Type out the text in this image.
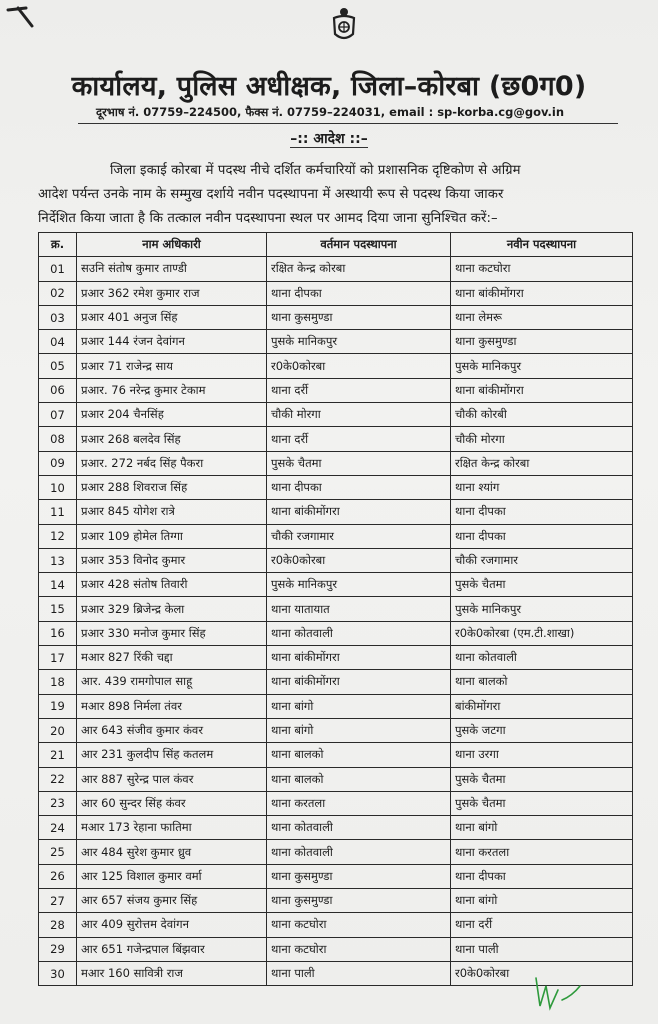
कार्यालय, पुलिस अधीक्षक, जिला–कोरबा (छ0ग0)
दूरभाष नं. 07759–224500, फैक्स नं. 07759–224031, email : sp-korba.cg@gov.in
–:: आदेश ::–
जिला इकाई कोरबा में पदस्थ नीचे दर्शित कर्मचारियों को प्रशासनिक दृष्टिकोण से अग्रिम
आदेश पर्यन्त उनके नाम के सम्मुख दर्शाये नवीन पदस्थापना में अस्थायी रूप से पदस्थ किया जाकर
निर्देशित किया जाता है कि तत्काल नवीन पदस्थापना स्थल पर आमद दिया जाना सुनिश्चित करें:–
क्र.	नाम अधिकारी	वर्तमान पदस्थापना	नवीन पदस्थापना
01	सउनि संतोष कुमार ताण्डी	रक्षित केन्द्र कोरबा	थाना कटघोरा
02	प्रआर 362 रमेश कुमार राज	थाना दीपका	थाना बांकीमोंगरा
03	प्रआर 401 अनुज सिंह	थाना कुसमुण्डा	थाना लेमरू
04	प्रआर 144 रंजन देवांगन	पुसके मानिकपुर	थाना कुसमुण्डा
05	प्रआर 71 राजेन्द्र साय	र0के0कोरबा	पुसके मानिकपुर
06	प्रआर. 76 नरेन्द्र कुमार टेकाम	थाना दर्री	थाना बांकीमोंगरा
07	प्रआर 204 चैनसिंह	चौकी मोरगा	चौकी कोरबी
08	प्रआर 268 बलदेव सिंह	थाना दर्री	चौकी मोरगा
09	प्रआर. 272 नर्बद सिंह पैकरा	पुसके चैतमा	रक्षित केन्द्र कोरबा
10	प्रआर 288 शिवराज सिंह	थाना दीपका	थाना श्यांग
11	प्रआर 845 योगेश रात्रे	थाना बांकीमोंगरा	थाना दीपका
12	प्रआर 109 होमेल तिग्गा	चौकी रजगामार	थाना दीपका
13	प्रआर 353 विनोद कुमार	र0के0कोरबा	चौकी रजगामार
14	प्रआर 428 संतोष तिवारी	पुसके मानिकपुर	पुसके चैतमा
15	प्रआर 329 ब्रिजेन्द्र केला	थाना यातायात	पुसके मानिकपुर
16	प्रआर 330 मनोज कुमार सिंह	थाना कोतवाली	र0के0कोरबा (एम.टी.शाखा)
17	मआर 827 रिंकी चद्दा	थाना बांकीमोंगरा	थाना कोतवाली
18	आर. 439 रामगोपाल साहू	थाना बांकीमोंगरा	थाना बालको
19	मआर 898 निर्मला तंवर	थाना बांगो	बांकीमोंगरा
20	आर 643 संजीव कुमार कंवर	थाना बांगो	पुसके जटगा
21	आर 231 कुलदीप सिंह कतलम	थाना बालको	थाना उरगा
22	आर 887 सुरेन्द्र पाल कंवर	थाना बालको	पुसके चैतमा
23	आर 60 सुन्दर सिंह कंवर	थाना करतला	पुसके चैतमा
24	मआर 173 रेहाना फातिमा	थाना कोतवाली	थाना बांगो
25	आर 484 सुरेश कुमार ध्रुव	थाना कोतवाली	थाना करतला
26	आर 125 विशाल कुमार वर्मा	थाना कुसमुण्डा	थाना दीपका
27	आर 657 संजय कुमार सिंह	थाना कुसमुण्डा	थाना बांगो
28	आर 409 सुरोत्तम देवांगन	थाना कटघोरा	थाना दर्री
29	आर 651 गजेन्द्रपाल बिंझवार	थाना कटघोरा	थाना पाली
30	मआर 160 सावित्री राज	थाना पाली	र0के0कोरबा
